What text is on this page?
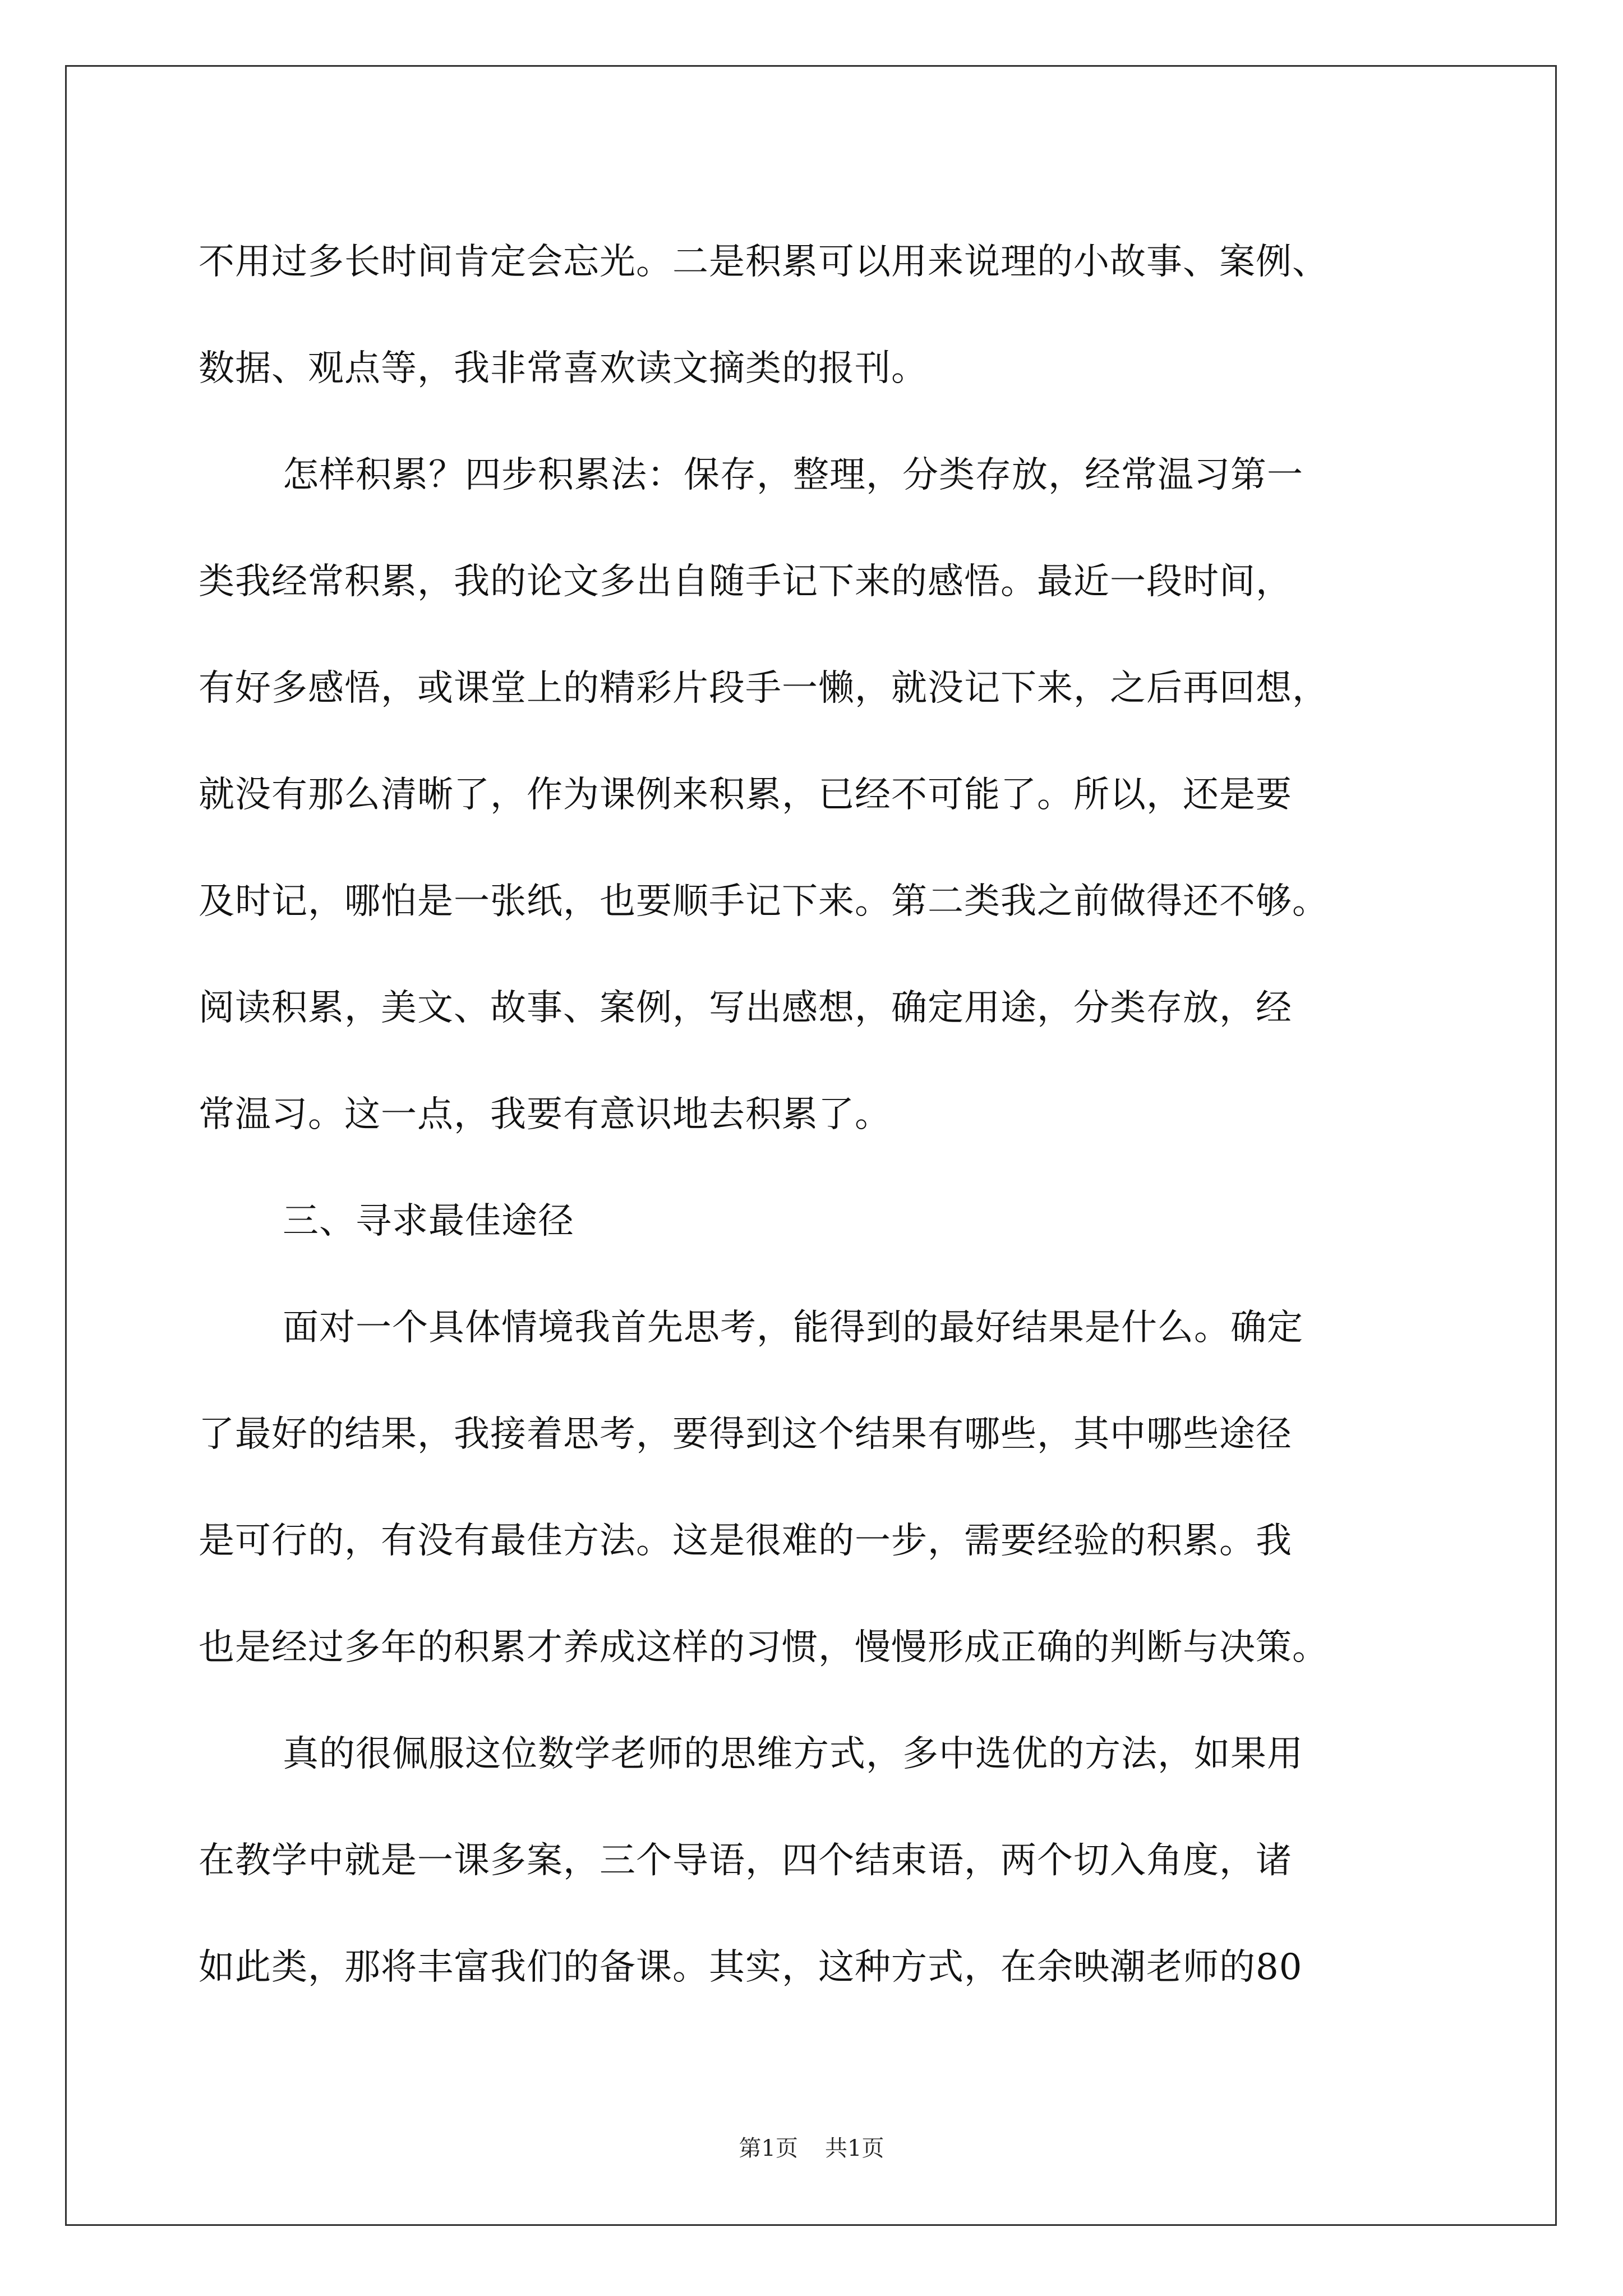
不用过多长时间肯定会忘光。二是积累可以用来说理的小故事、案例、
数据、观点等，我非常喜欢读文摘类的报刊。
怎样积累？四步积累法：保存，整理，分类存放，经常温习第一
类我经常积累，我的论文多出自随手记下来的感悟。最近一段时间，
有好多感悟，或课堂上的精彩片段手一懒，就没记下来，之后再回想，
就没有那么清晰了，作为课例来积累，已经不可能了。所以，还是要
及时记，哪怕是一张纸，也要顺手记下来。第二类我之前做得还不够。
阅读积累，美文、故事、案例，写出感想，确定用途，分类存放，经
常温习。这一点，我要有意识地去积累了。
三、寻求最佳途径
面对一个具体情境我首先思考，能得到的最好结果是什么。确定
了最好的结果，我接着思考，要得到这个结果有哪些，其中哪些途径
是可行的，有没有最佳方法。这是很难的一步，需要经验的积累。我
也是经过多年的积累才养成这样的习惯，慢慢形成正确的判断与决策。
真的很佩服这位数学老师的思维方式，多中选优的方法，如果用
在教学中就是一课多案，三个导语，四个结束语，两个切入角度，诸
如此类，那将丰富我们的备课。其实，这种方式，在余映潮老师的80
第1页 共1页
